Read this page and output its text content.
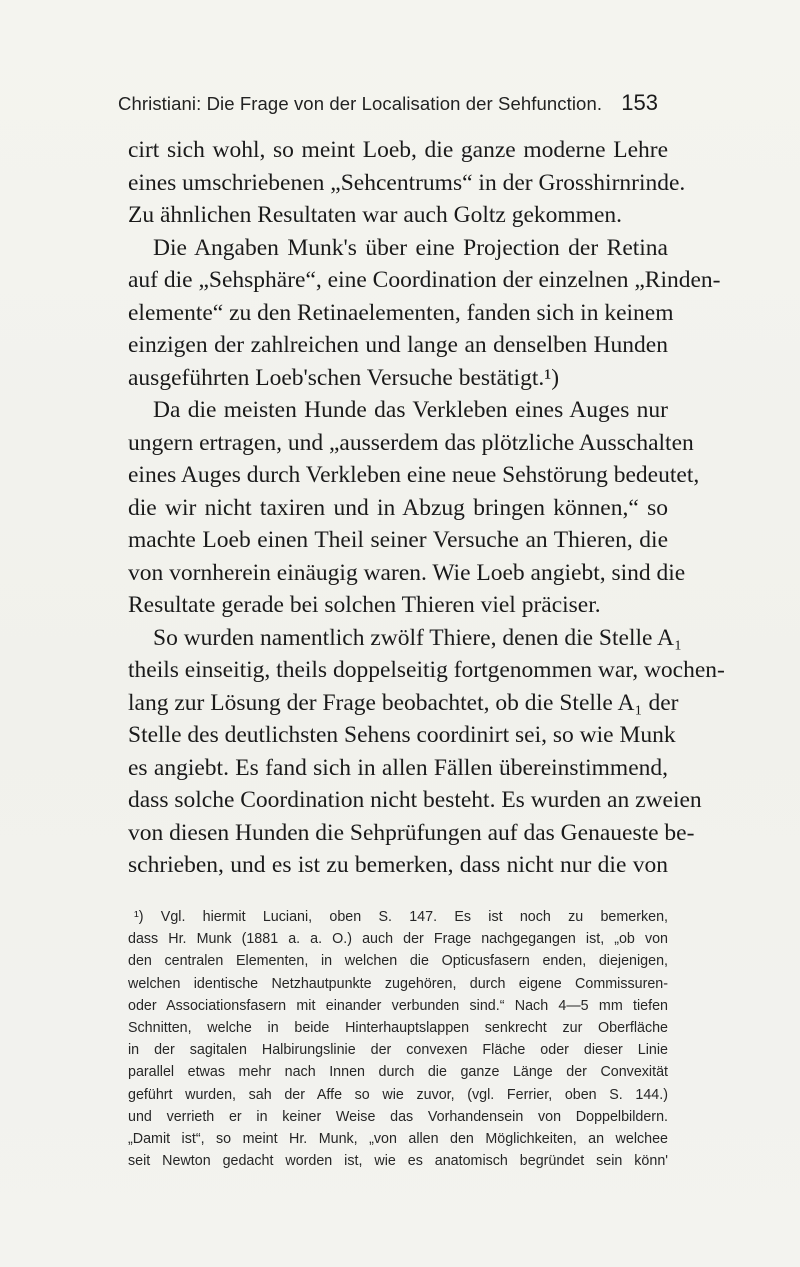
Christiani: Die Frage von der Localisation der Sehfunction. 153
cirt sich wohl, so meint Loeb, die ganze moderne Lehre
eines umschriebenen „Sehcentrums“ in der Grosshirnrinde.
Zu ähnlichen Resultaten war auch Goltz gekommen.
Die Angaben Munk's über eine Projection der Retina
auf die „Sehsphäre“, eine Coordination der einzelnen „Rinden-
elemente“ zu den Retinaelementen, fanden sich in keinem
einzigen der zahlreichen und lange an denselben Hunden
ausgeführten Loeb'schen Versuche bestätigt.¹)
Da die meisten Hunde das Verkleben eines Auges nur
ungern ertragen, und „ausserdem das plötzliche Ausschalten
eines Auges durch Verkleben eine neue Sehstörung bedeutet,
die wir nicht taxiren und in Abzug bringen können,“ so
machte Loeb einen Theil seiner Versuche an Thieren, die
von vornherein einäugig waren. Wie Loeb angiebt, sind die
Resultate gerade bei solchen Thieren viel präciser.
So wurden namentlich zwölf Thiere, denen die Stelle A₁
theils einseitig, theils doppelseitig fortgenommen war, wochen-
lang zur Lösung der Frage beobachtet, ob die Stelle A₁ der
Stelle des deutlichsten Sehens coordinirt sei, so wie Munk
es angiebt. Es fand sich in allen Fällen übereinstimmend,
dass solche Coordination nicht besteht. Es wurden an zweien
von diesen Hunden die Sehprüfungen auf das Genaueste be-
schrieben, und es ist zu bemerken, dass nicht nur die von
¹) Vgl. hiermit Luciani, oben S. 147. Es ist noch zu bemerken,
dass Hr. Munk (1881 a. a. O.) auch der Frage nachgegangen ist, „ob von
den centralen Elementen, in welchen die Opticusfasern enden, diejenigen,
welchen identische Netzhautpunkte zugehören, durch eigene Commissuren-
oder Associationsfasern mit einander verbunden sind.“ Nach 4—5 mm tiefen
Schnitten, welche in beide Hinterhauptslappen senkrecht zur Oberfläche
in der sagitalen Halbirungslinie der convexen Fläche oder dieser Linie
parallel etwas mehr nach Innen durch die ganze Länge der Convexität
geführt wurden, sah der Affe so wie zuvor, (vgl. Ferrier, oben S. 144.)
und verrieth er in keiner Weise das Vorhandensein von Doppelbildern.
„Damit ist“, so meint Hr. Munk, „von allen den Möglichkeiten, an welchee
seit Newton gedacht worden ist, wie es anatomisch begründet sein könn'
